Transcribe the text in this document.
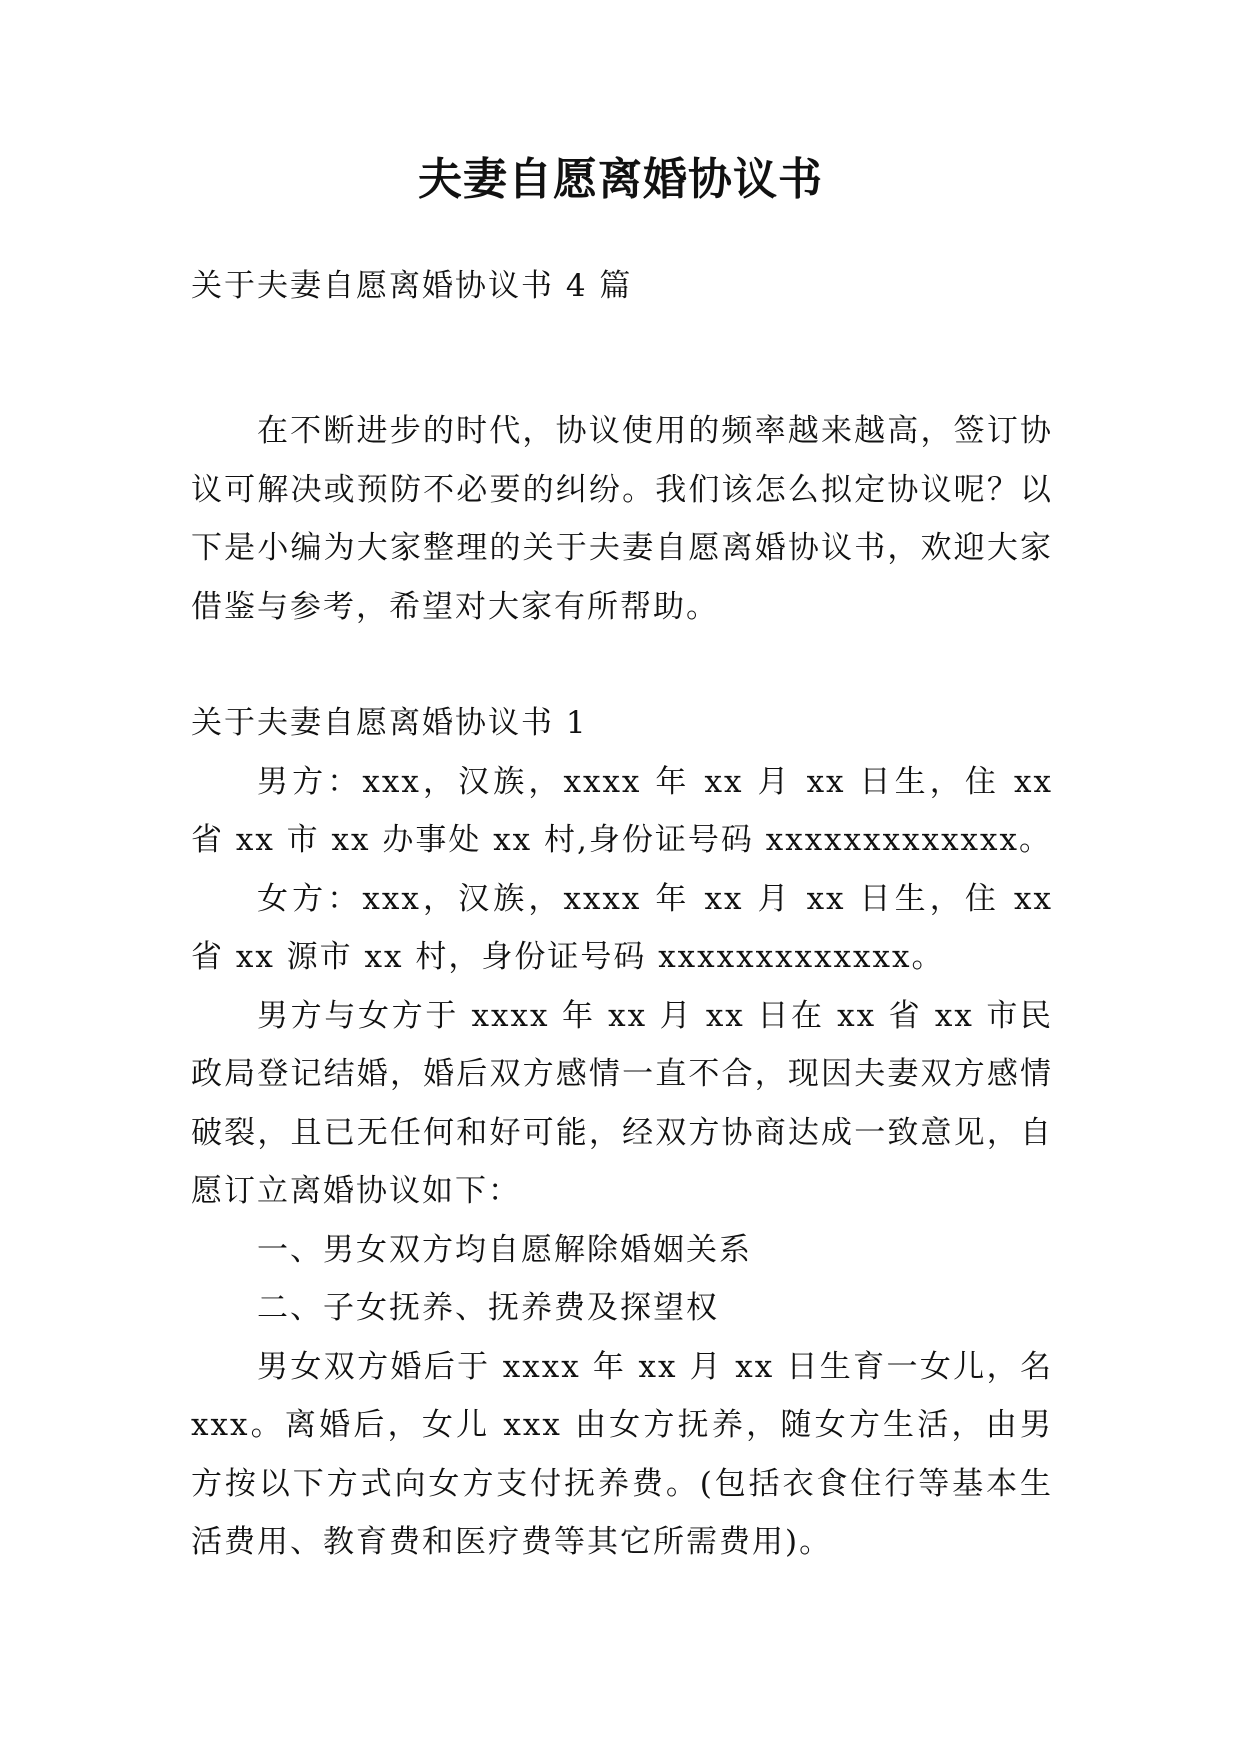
夫妻自愿离婚协议书

关于夫妻自愿离婚协议书 4 篇

在不断进步的时代，协议使用的频率越来越高，签订协议可解决或预防不必要的纠纷。我们该怎么拟定协议呢？以下是小编为大家整理的关于夫妻自愿离婚协议书，欢迎大家借鉴与参考，希望对大家有所帮助。

关于夫妻自愿离婚协议书 1

男方：xxx，汉族，xxxx 年 xx 月 xx 日生，住 xx 省 xx 市 xx 办事处 xx 村,身份证号码 xxxxxxxxxxxxx。

女方：xxx，汉族，xxxx 年 xx 月 xx 日生，住 xx 省 xx 源市 xx 村，身份证号码 xxxxxxxxxxxxx。

男方与女方于 xxxx 年 xx 月 xx 日在 xx 省 xx 市民政局登记结婚，婚后双方感情一直不合，现因夫妻双方感情破裂，且已无任何和好可能，经双方协商达成一致意见，自愿订立离婚协议如下：

一、男女双方均自愿解除婚姻关系

二、子女抚养、抚养费及探望权

男女双方婚后于 xxxx 年 xx 月 xx 日生育一女儿，名 xxx。离婚后，女儿 xxx 由女方抚养，随女方生活，由男方按以下方式向女方支付抚养费。(包括衣食住行等基本生活费用、教育费和医疗费等其它所需费用)。
